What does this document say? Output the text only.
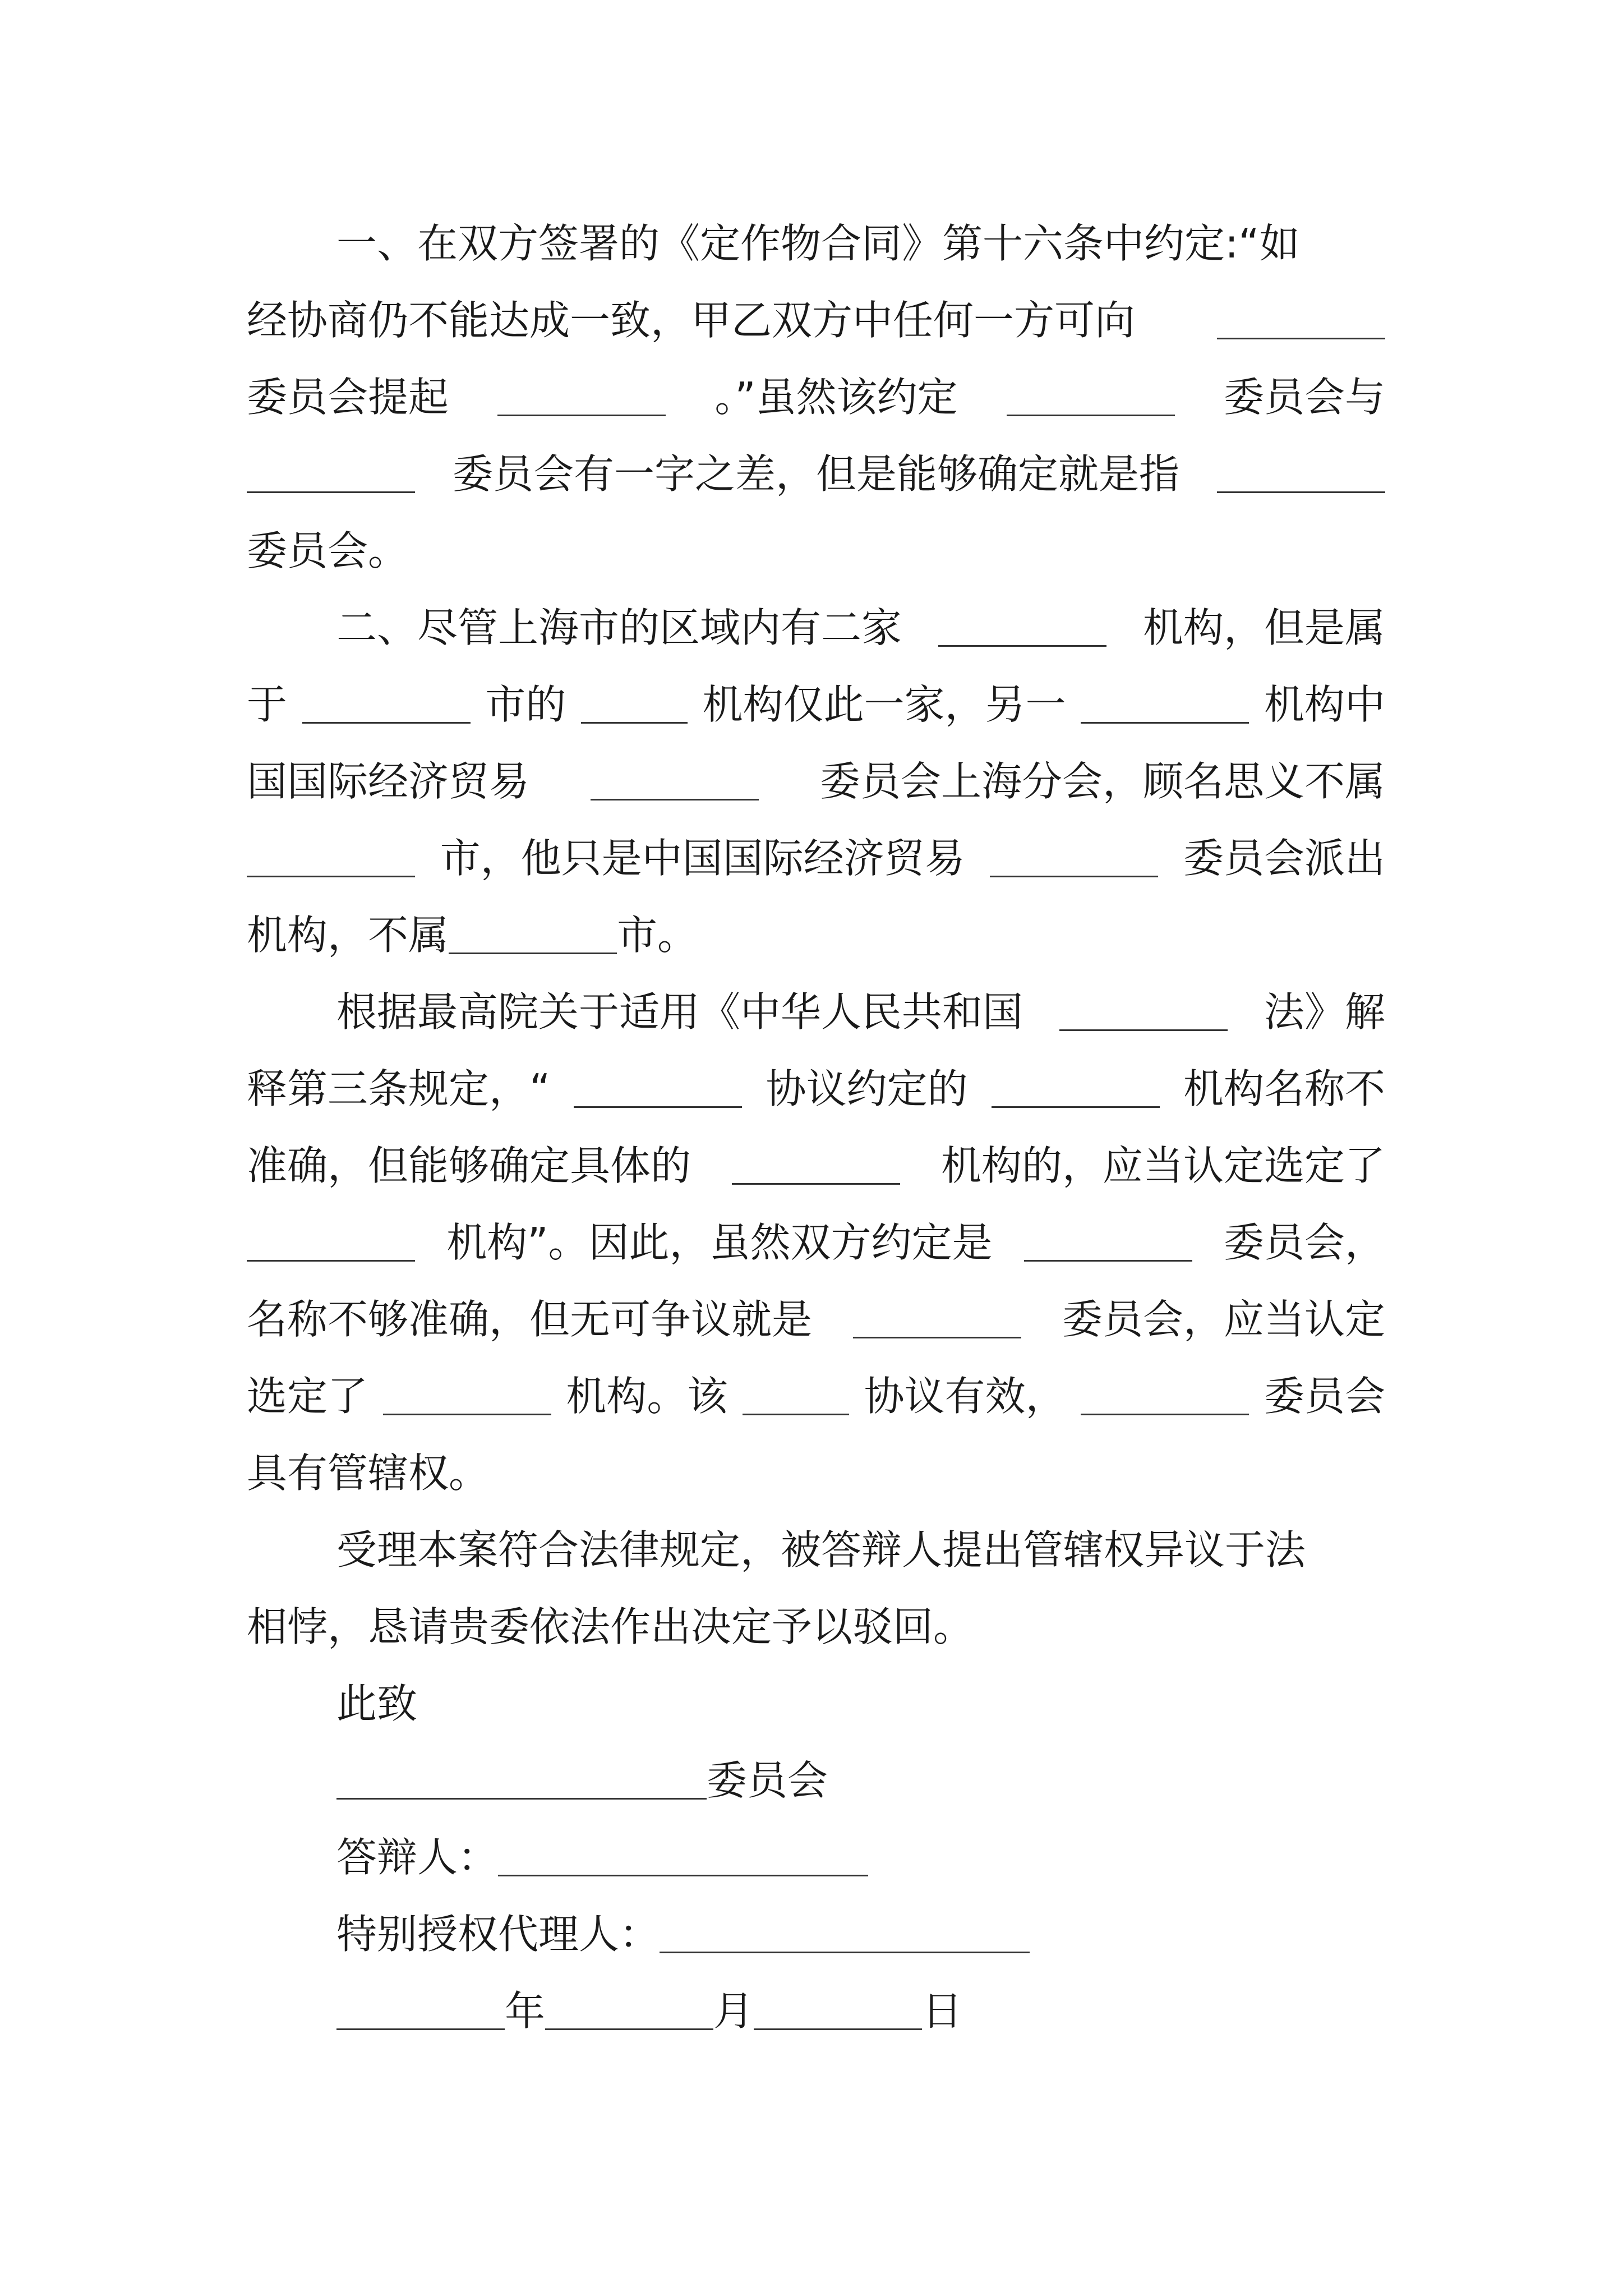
一、在双方签署的《定作物合同》第十六条中约定:“如
经协商仍不能达成一致，甲乙双方中任何一方可向
委员会提起	。”虽然该约定	委员会与
委员会有一字之差，但是能够确定就是指
委员会。
二、尽管上海市的区域内有二家	机构，但是属
于	市的	机构仅此一家，另一	机构中
国国际经济贸易	委员会上海分会，顾名思义不属
市，他只是中国国际经济贸易	委员会派出
机构，不属	市。
根据最高院关于适用《中华人民共和国	法》解
释第三条规定，“	协议约定的	机构名称不
准确，但能够确定具体的	机构的，应当认定选定了
机构”。因此，虽然双方约定是	委员会，
名称不够准确，但无可争议就是	委员会，应当认定
选定了	机构。该	协议有效，	委员会
具有管辖权。
受理本案符合法律规定，被答辩人提出管辖权异议于法
相悖，恳请贵委依法作出决定予以驳回。
此致
委员会
答辩人：
特别授权代理人：
年	月	日
